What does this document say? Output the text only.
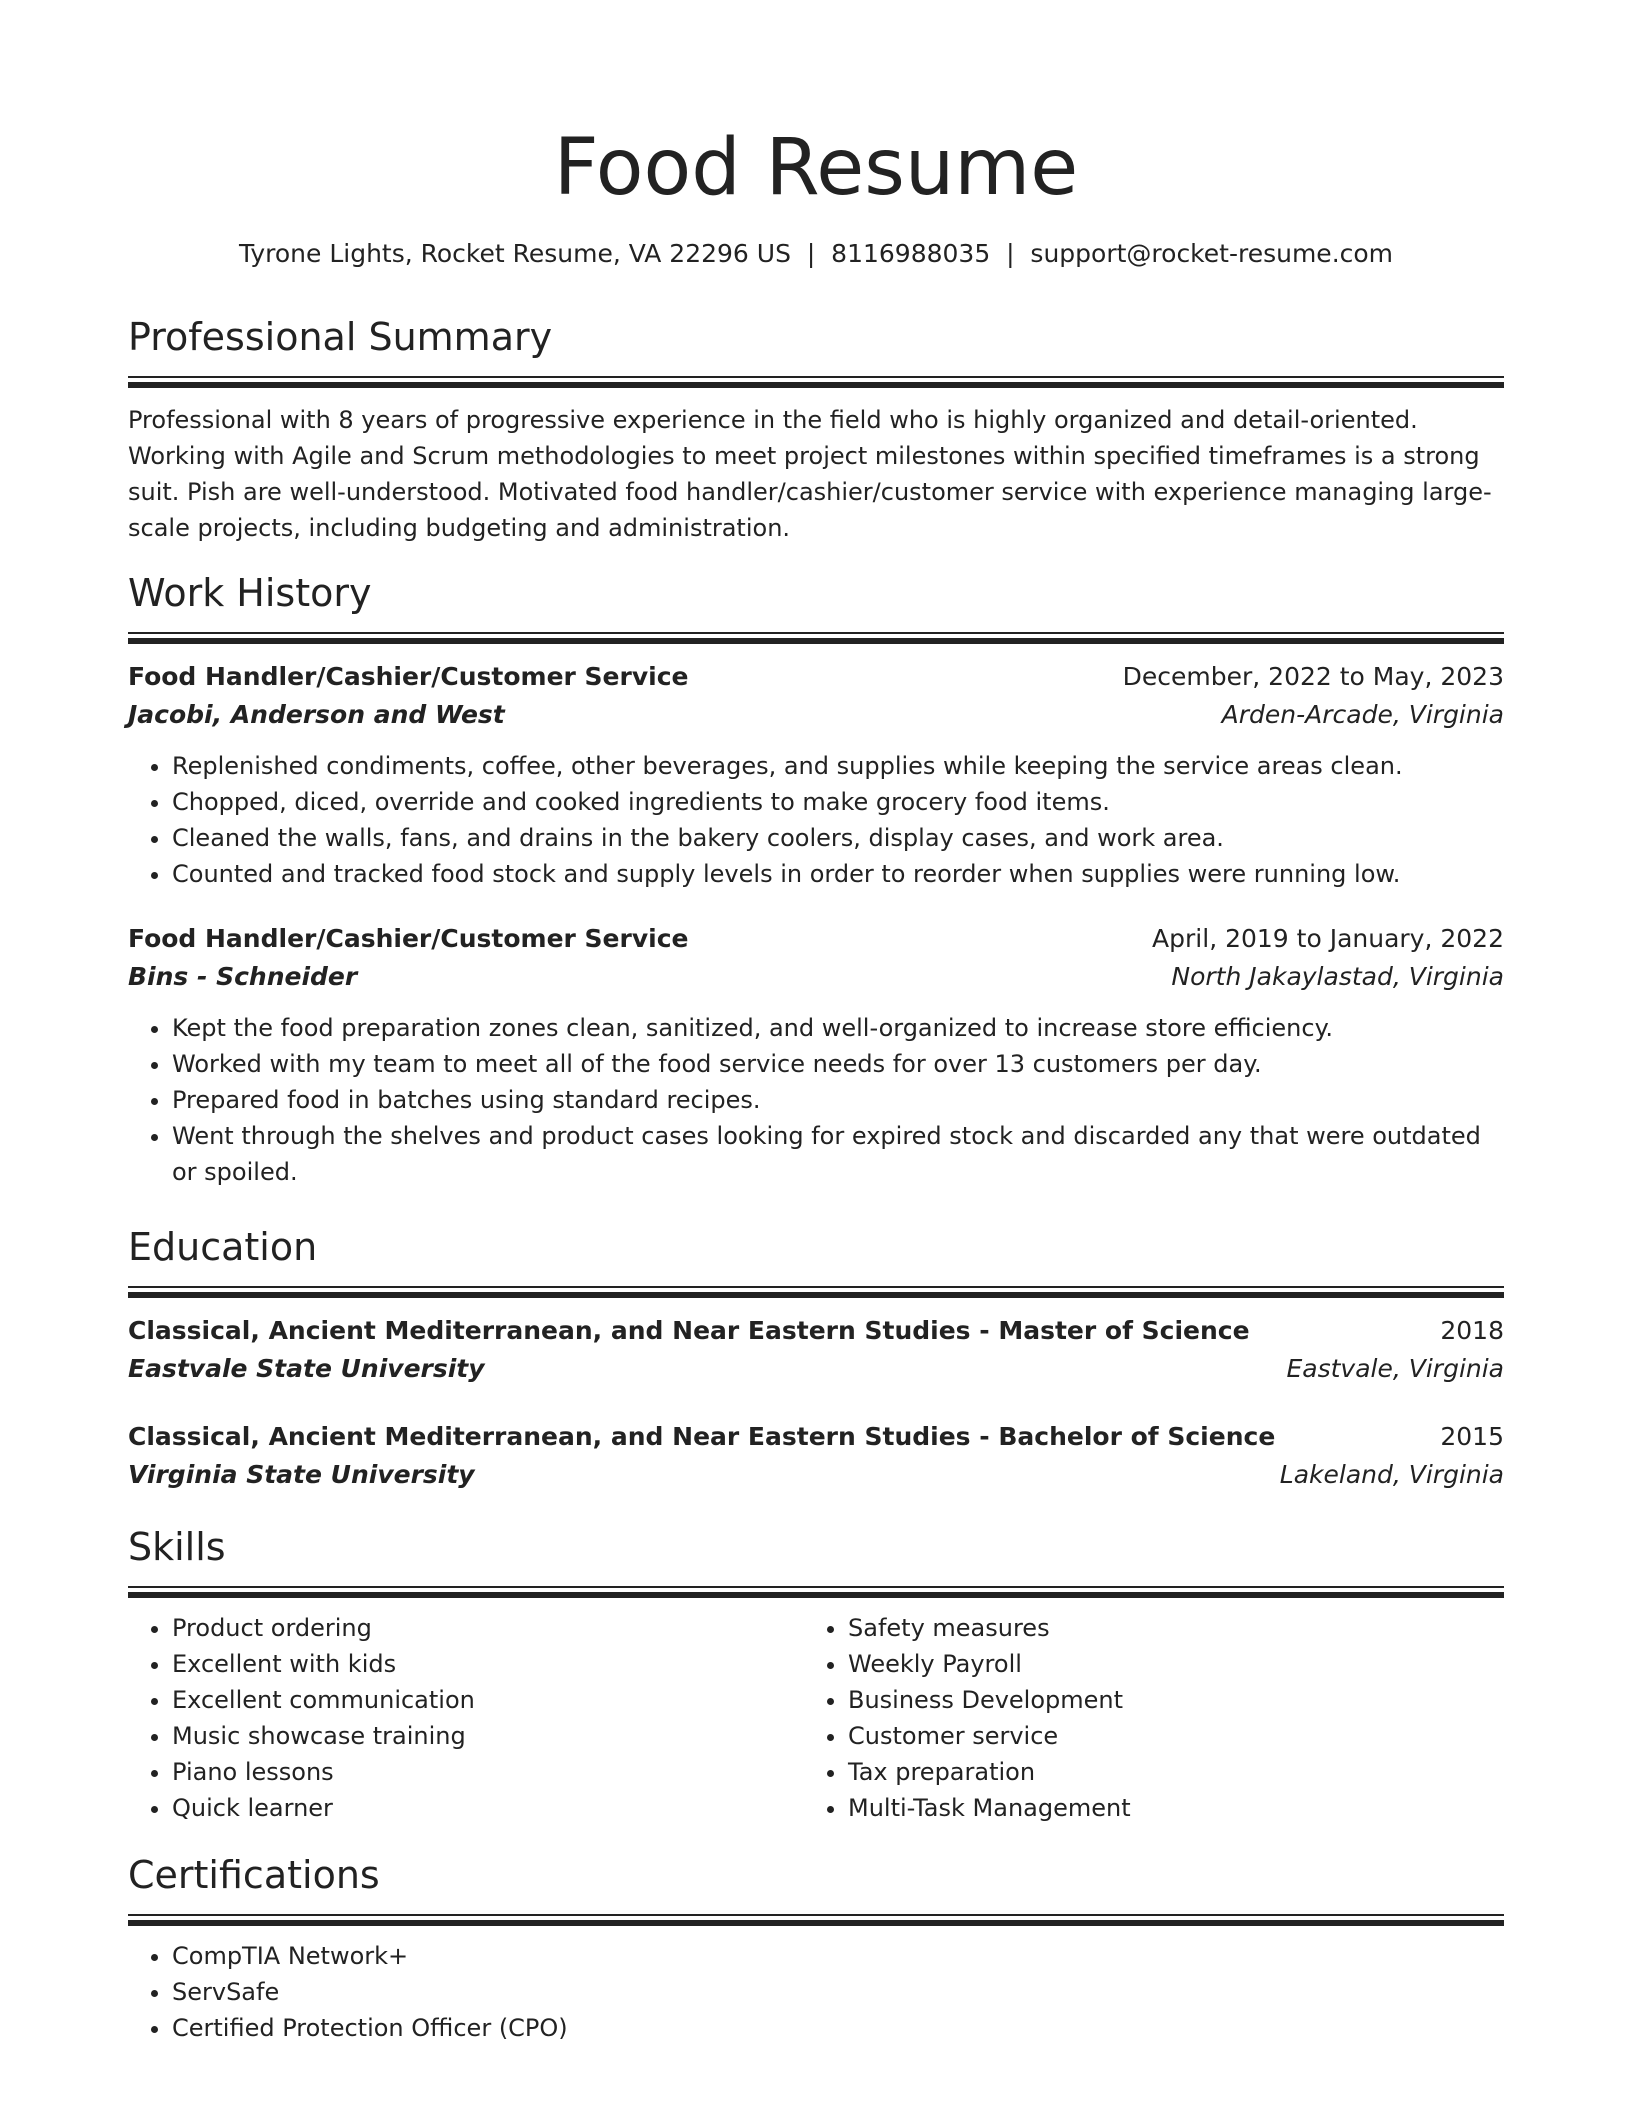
Food Resume
Tyrone Lights, Rocket Resume, VA 22296 US  |  8116988035  |  support@rocket-resume.com
Professional Summary
Professional with 8 years of progressive experience in the field who is highly organized and detail-oriented. Working with Agile and Scrum methodologies to meet project milestones within specified timeframes is a strong suit. Pish are well-understood. Motivated food handler/cashier/customer service with experience managing large-scale projects, including budgeting and administration.
Work History
Food Handler/Cashier/Customer Service	December, 2022 to May, 2023
Jacobi, Anderson and West	Arden-Arcade, Virginia
• Replenished condiments, coffee, other beverages, and supplies while keeping the service areas clean.
• Chopped, diced, override and cooked ingredients to make grocery food items.
• Cleaned the walls, fans, and drains in the bakery coolers, display cases, and work area.
• Counted and tracked food stock and supply levels in order to reorder when supplies were running low.
Food Handler/Cashier/Customer Service	April, 2019 to January, 2022
Bins - Schneider	North Jakaylastad, Virginia
• Kept the food preparation zones clean, sanitized, and well-organized to increase store efficiency.
• Worked with my team to meet all of the food service needs for over 13 customers per day.
• Prepared food in batches using standard recipes.
• Went through the shelves and product cases looking for expired stock and discarded any that were outdated or spoiled.
Education
Classical, Ancient Mediterranean, and Near Eastern Studies - Master of Science	2018
Eastvale State University	Eastvale, Virginia
Classical, Ancient Mediterranean, and Near Eastern Studies - Bachelor of Science	2015
Virginia State University	Lakeland, Virginia
Skills
• Product ordering
• Excellent with kids
• Excellent communication
• Music showcase training
• Piano lessons
• Quick learner
• Safety measures
• Weekly Payroll
• Business Development
• Customer service
• Tax preparation
• Multi-Task Management
Certifications
• CompTIA Network+
• ServSafe
• Certified Protection Officer (CPO)
